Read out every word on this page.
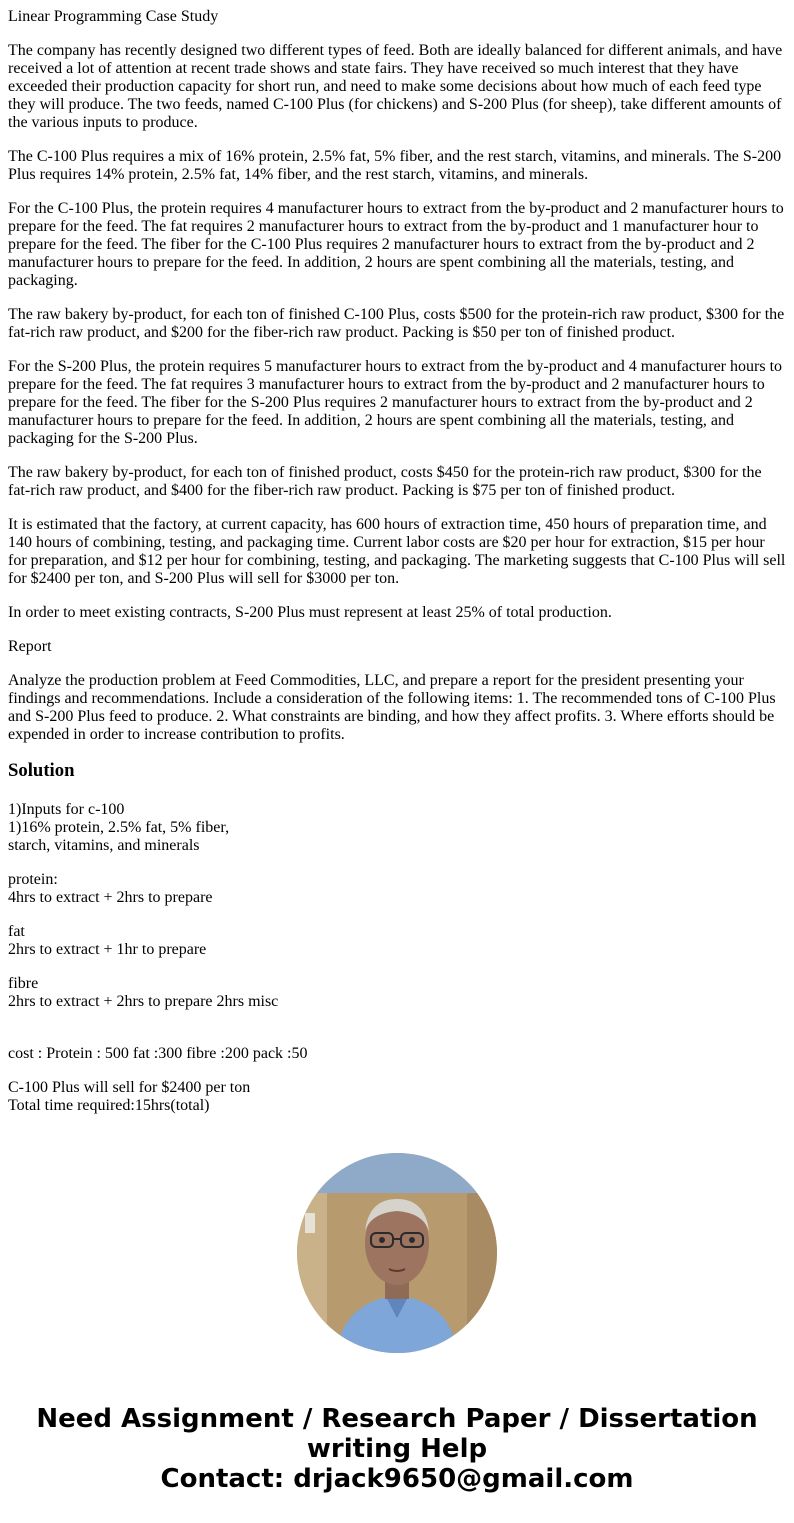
Linear Programming Case Study

The company has recently designed two different types of feed. Both are ideally balanced for different animals, and have received a lot of attention at recent trade shows and state fairs. They have received so much interest that they have exceeded their production capacity for short run, and need to make some decisions about how much of each feed type they will produce. The two feeds, named C-100 Plus (for chickens) and S-200 Plus (for sheep), take different amounts of the various inputs to produce.

The C-100 Plus requires a mix of 16% protein, 2.5% fat, 5% fiber, and the rest starch, vitamins, and minerals. The S-200 Plus requires 14% protein, 2.5% fat, 14% fiber, and the rest starch, vitamins, and minerals.

For the C-100 Plus, the protein requires 4 manufacturer hours to extract from the by-product and 2 manufacturer hours to prepare for the feed. The fat requires 2 manufacturer hours to extract from the by-product and 1 manufacturer hour to prepare for the feed. The fiber for the C-100 Plus requires 2 manufacturer hours to extract from the by-product and 2 manufacturer hours to prepare for the feed. In addition, 2 hours are spent combining all the materials, testing, and packaging.

The raw bakery by-product, for each ton of finished C-100 Plus, costs $500 for the protein-rich raw product, $300 for the fat-rich raw product, and $200 for the fiber-rich raw product. Packing is $50 per ton of finished product.

For the S-200 Plus, the protein requires 5 manufacturer hours to extract from the by-product and 4 manufacturer hours to prepare for the feed. The fat requires 3 manufacturer hours to extract from the by-product and 2 manufacturer hours to prepare for the feed. The fiber for the S-200 Plus requires 2 manufacturer hours to extract from the by-product and 2 manufacturer hours to prepare for the feed. In addition, 2 hours are spent combining all the materials, testing, and packaging for the S-200 Plus.

The raw bakery by-product, for each ton of finished product, costs $450 for the protein-rich raw product, $300 for the fat-rich raw product, and $400 for the fiber-rich raw product. Packing is $75 per ton of finished product.

It is estimated that the factory, at current capacity, has 600 hours of extraction time, 450 hours of preparation time, and 140 hours of combining, testing, and packaging time. Current labor costs are $20 per hour for extraction, $15 per hour for preparation, and $12 per hour for combining, testing, and packaging. The marketing suggests that C-100 Plus will sell for $2400 per ton, and S-200 Plus will sell for $3000 per ton.

In order to meet existing contracts, S-200 Plus must represent at least 25% of total production.

Report

Analyze the production problem at Feed Commodities, LLC, and prepare a report for the president presenting your findings and recommendations. Include a consideration of the following items: 1. The recommended tons of C-100 Plus and S-200 Plus feed to produce. 2. What constraints are binding, and how they affect profits. 3. Where efforts should be expended in order to increase contribution to profits.

Solution
1)Inputs for c-100
1)16% protein, 2.5% fat, 5% fiber,
starch, vitamins, and minerals
protein:
4hrs to extract + 2hrs to prepare
fat
2hrs to extract + 1hr to prepare
fibre
2hrs to extract + 2hrs to prepare 2hrs misc
cost : Protein : 500 fat :300 fibre :200 pack :50
C-100 Plus will sell for $2400 per ton
Total time required:15hrs(total)
Need Assignment / Research Paper / Dissertation
writing Help
Contact: drjack9650@gmail.com
